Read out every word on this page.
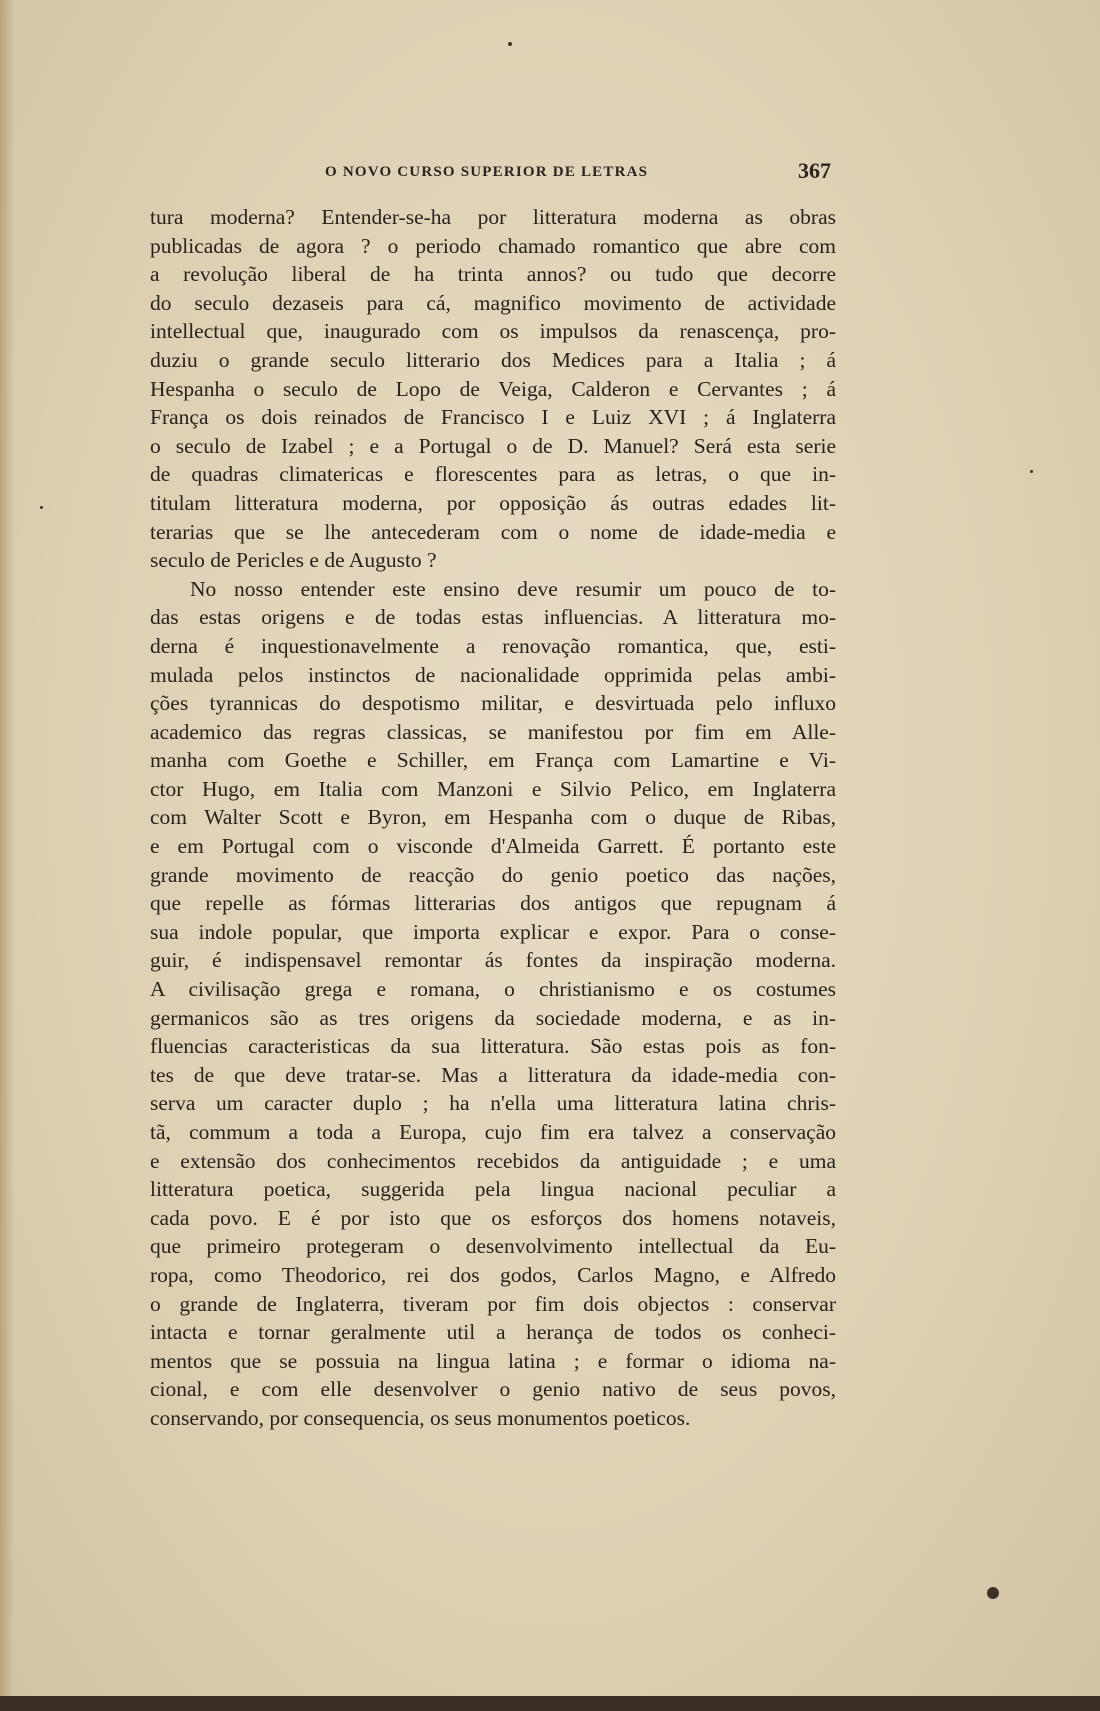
O NOVO CURSO SUPERIOR DE LETRAS	367
tura moderna? Entender-se-ha por litteratura moderna as obras
publicadas de agora ? o periodo chamado romantico que abre com
a revolução liberal de ha trinta annos? ou tudo que decorre
do seculo dezaseis para cá, magnifico movimento de actividade
intellectual que, inaugurado com os impulsos da renascença, pro-
duziu o grande seculo litterario dos Medices para a Italia ; á
Hespanha o seculo de Lopo de Veiga, Calderon e Cervantes ; á
França os dois reinados de Francisco I e Luiz XVI ; á Inglaterra
o seculo de Izabel ; e a Portugal o de D. Manuel? Será esta serie
de quadras climatericas e florescentes para as letras, o que in-
titulam litteratura moderna, por opposição ás outras edades lit-
terarias que se lhe antecederam com o nome de idade-media e
seculo de Pericles e de Augusto ?
No nosso entender este ensino deve resumir um pouco de to-
das estas origens e de todas estas influencias. A litteratura mo-
derna é inquestionavelmente a renovação romantica, que, esti-
mulada pelos instinctos de nacionalidade opprimida pelas ambi-
ções tyrannicas do despotismo militar, e desvirtuada pelo influxo
academico das regras classicas, se manifestou por fim em Alle-
manha com Goethe e Schiller, em França com Lamartine e Vi-
ctor Hugo, em Italia com Manzoni e Silvio Pelico, em Inglaterra
com Walter Scott e Byron, em Hespanha com o duque de Ribas,
e em Portugal com o visconde d'Almeida Garrett. É portanto este
grande movimento de reacção do genio poetico das nações,
que repelle as fórmas litterarias dos antigos que repugnam á
sua indole popular, que importa explicar e expor. Para o conse-
guir, é indispensavel remontar ás fontes da inspiração moderna.
A civilisação grega e romana, o christianismo e os costumes
germanicos são as tres origens da sociedade moderna, e as in-
fluencias caracteristicas da sua litteratura. São estas pois as fon-
tes de que deve tratar-se. Mas a litteratura da idade-media con-
serva um caracter duplo ; ha n'ella uma litteratura latina chris-
tã, commum a toda a Europa, cujo fim era talvez a conservação
e extensão dos conhecimentos recebidos da antiguidade ; e uma
litteratura poetica, suggerida pela lingua nacional peculiar a
cada povo. E é por isto que os esforços dos homens notaveis,
que primeiro protegeram o desenvolvimento intellectual da Eu-
ropa, como Theodorico, rei dos godos, Carlos Magno, e Alfredo
o grande de Inglaterra, tiveram por fim dois objectos : conservar
intacta e tornar geralmente util a herança de todos os conheci-
mentos que se possuia na lingua latina ; e formar o idioma na-
cional, e com elle desenvolver o genio nativo de seus povos,
conservando, por consequencia, os seus monumentos poeticos.
